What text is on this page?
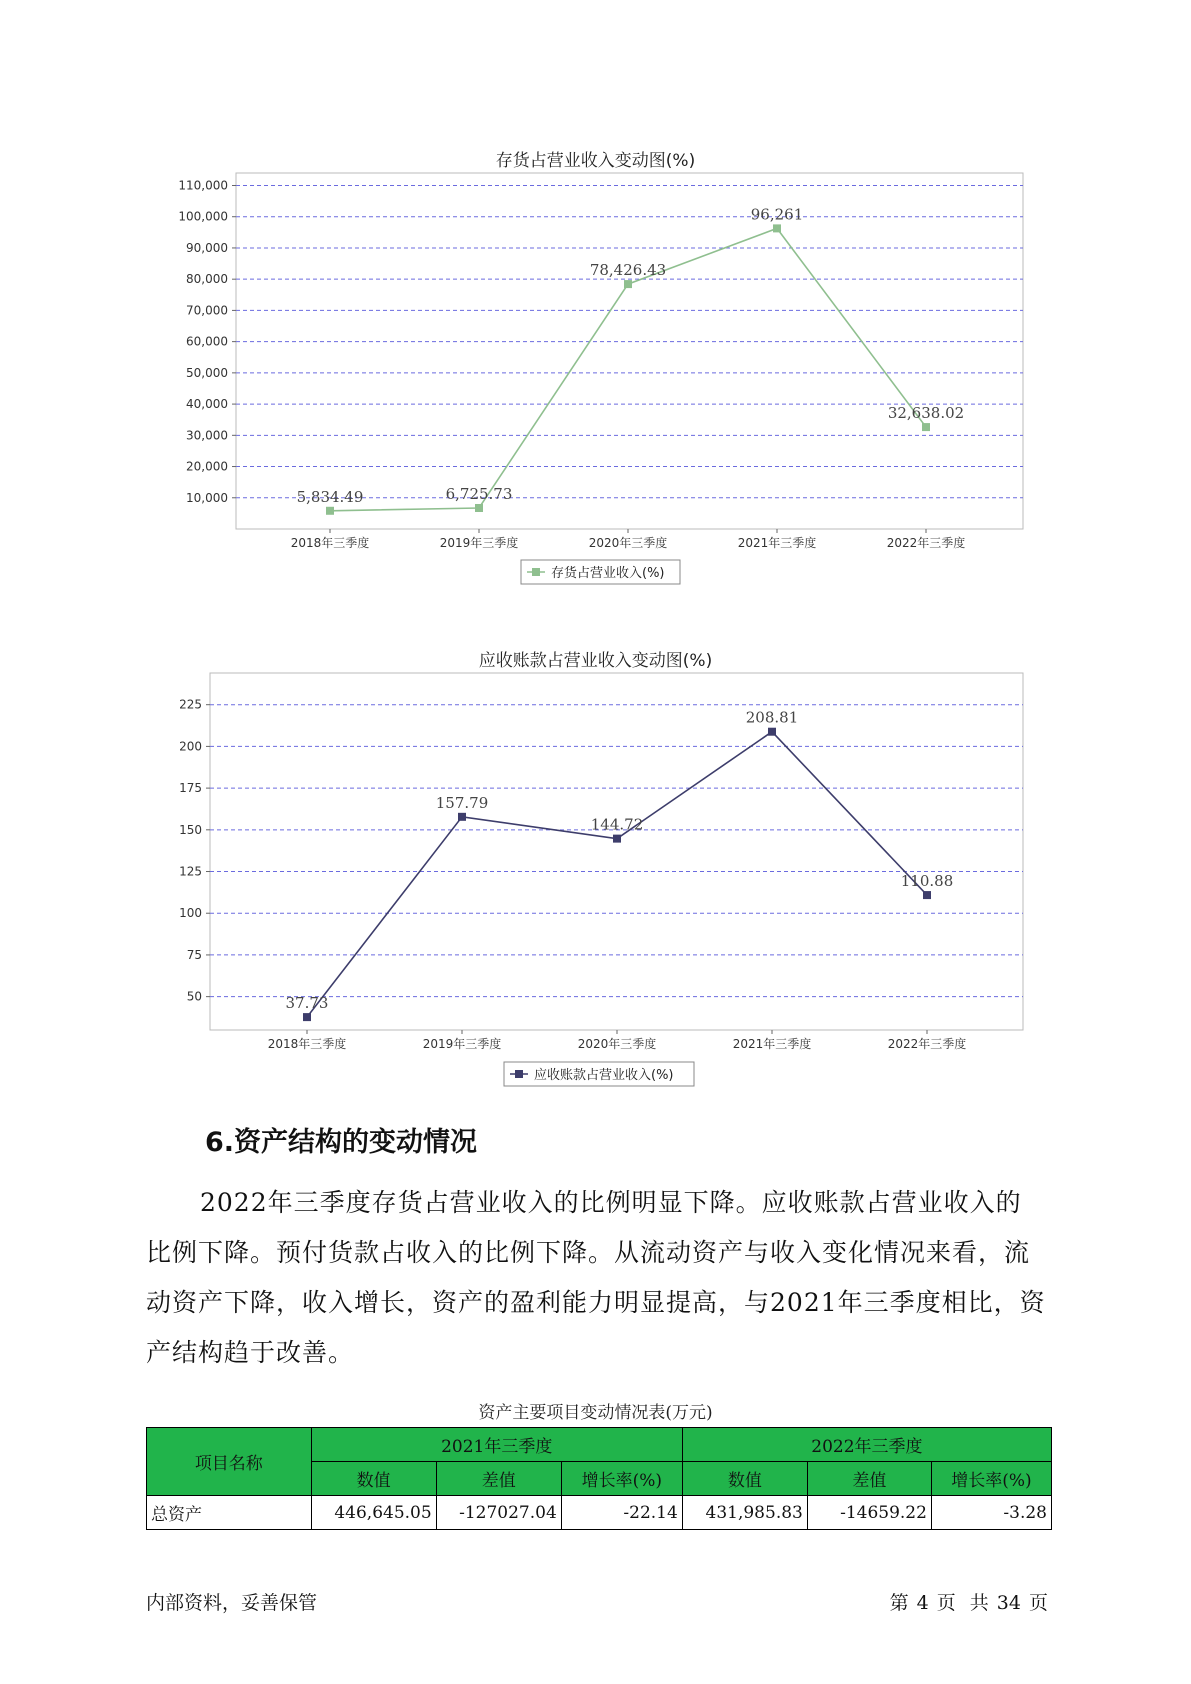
存货占营业收入变动图(%)
10,000
20,000
30,000
40,000
50,000
60,000
70,000
80,000
90,000
100,000
110,000
2018年三季度	2019年三季度	2020年三季度	2021年三季度	2022年三季度
5,834.49	6,725.73
78,426.43
96,261
32,638.02
存货占营业收入(%)
应收账款占营业收入变动图(%)
50
75
100
125
150
175
200
225
2018年三季度	2019年三季度	2020年三季度	2021年三季度	2022年三季度
37.73
157.79
144.72
208.81
110.88
应收账款占营业收入(%)
6.资产结构的变动情况
2022年三季度存货占营业收入的比例明显下降。应收账款占营业收入的比例下降。预付货款占收入的比例下降。从流动资产与收入变化情况来看，流动资产下降，收入增长，资产的盈利能力明显提高，与2021年三季度相比，资产结构趋于改善。
资产主要项目变动情况表(万元)
项目名称	2021年三季度			2022年三季度		
	数值	差值	增长率(%)	数值	差值	增长率(%)
总资产	446,645.05	-127027.04	-22.14	431,985.83	-14659.22	-3.28
内部资料，妥善保管	第 4 页 共 34 页
